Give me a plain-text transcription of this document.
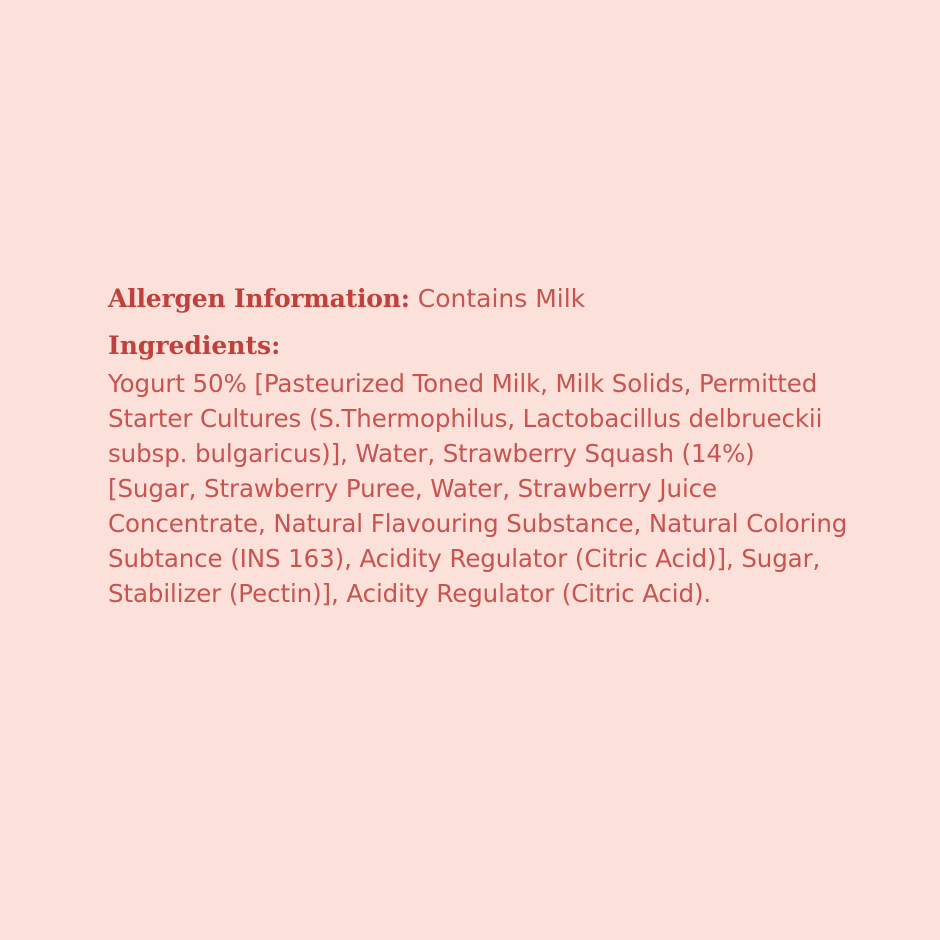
Allergen Information: Contains Milk
Ingredients:
Yogurt 50% [Pasteurized Toned Milk, Milk Solids, Permitted Starter Cultures (S.Thermophilus, Lactobacillus delbrueckii subsp. bulgaricus)], Water, Strawberry Squash (14%) [Sugar, Strawberry Puree, Water, Strawberry Juice Concentrate, Natural Flavouring Substance, Natural Coloring Subtance (INS 163), Acidity Regulator (Citric Acid)], Sugar, Stabilizer (Pectin)], Acidity Regulator (Citric Acid).
